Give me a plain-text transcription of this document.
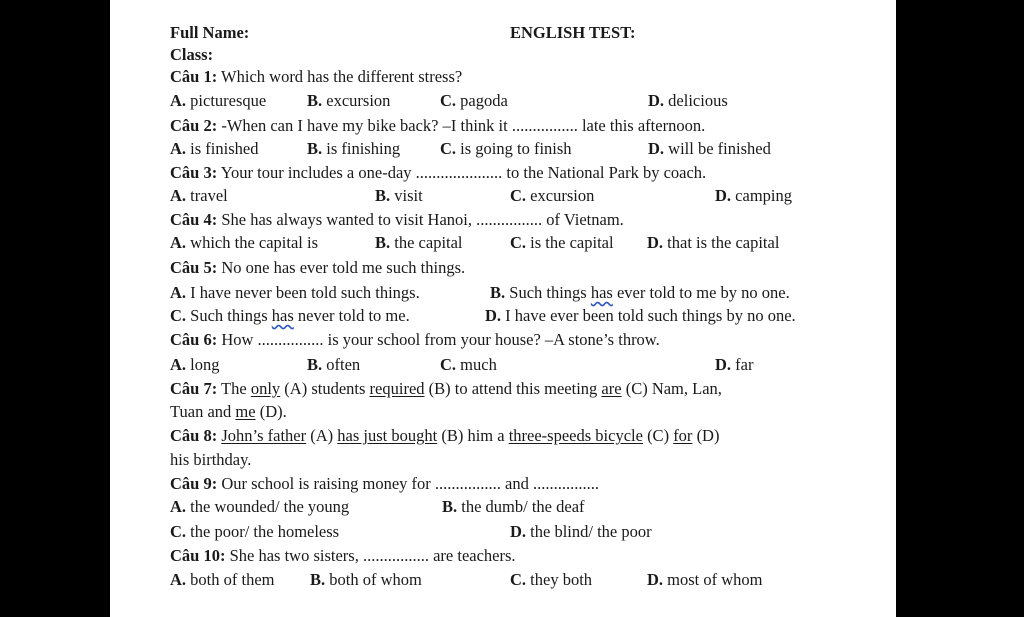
Full Name:	ENGLISH TEST:
Class:
Câu 1: Which word has the different stress?
A. picturesque B. excursion	C. pagoda	D. delicious
Câu 2: -When can I have my bike back? –I think it ................ late this afternoon.
A. is finished	B. is finishing C. is going to finish	D. will be finished
Câu 3: Your tour includes a one-day ..................... to the National Park by coach.
A. travel	B. visit	C. excursion	D. camping
Câu 4: She has always wanted to visit Hanoi, ................ of Vietnam.
A. which the capital is	B. the capital	C. is the capital D. that is the capital
Câu 5: No one has ever told me such things.
A. I have never been told such things.	B. Such things has ever told to me by no one.
C. Such things has never told to me.	D. I have ever been told such things by no one.
Câu 6: How ................ is your school from your house? –A stone’s throw.
A. long	B. often	C. much	D. far
Câu 7: The only (A) students required (B) to attend this meeting are (C) Nam, Lan,
Tuan and me (D).
Câu 8: John’s father (A) has just bought (B) him a three-speeds bicycle (C) for (D)
his birthday.
Câu 9: Our school is raising money for ................ and ................
A. the wounded/ the young	B. the dumb/ the deaf
C. the poor/ the homeless	D. the blind/ the poor
Câu 10: She has two sisters, ................ are teachers.
A. both of them B. both of whom	C. they both	D. most of whom
